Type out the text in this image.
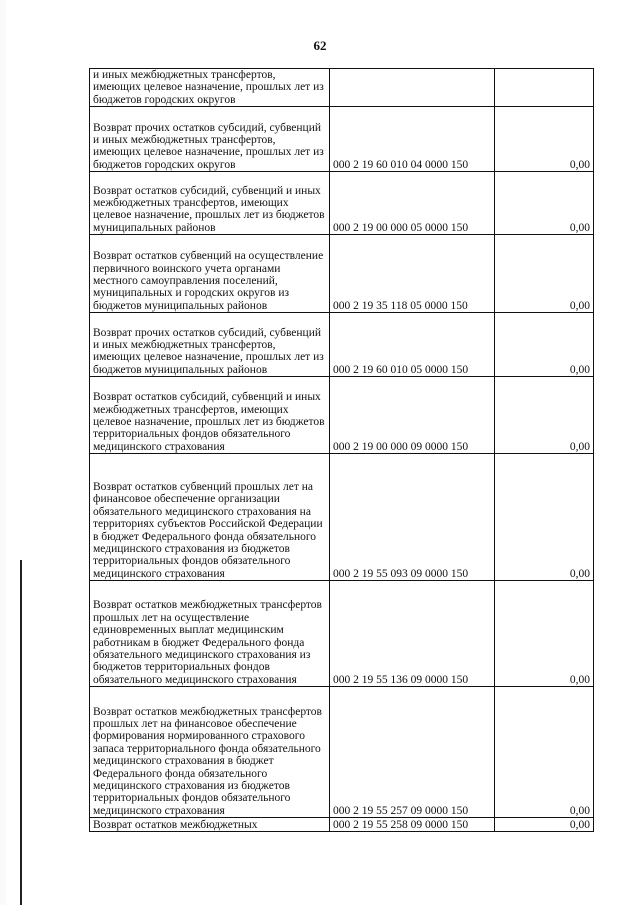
62
и иных межбюджетных трансфертов, имеющих целевое назначение, прошлых лет из бюджетов городских округов		
Возврат прочих остатков субсидий, субвенций и иных межбюджетных трансфертов, имеющих целевое назначение, прошлых лет из бюджетов городских округов	000 2 19 60 010 04 0000 150	0,00
Возврат остатков субсидий, субвенций и иных межбюджетных трансфертов, имеющих целевое назначение, прошлых лет из бюджетов муниципальных районов	000 2 19 00 000 05 0000 150	0,00
Возврат остатков субвенций на осуществление первичного воинского учета органами местного самоуправления поселений, муниципальных и городских округов из бюджетов муниципальных районов	000 2 19 35 118 05 0000 150	0,00
Возврат прочих остатков субсидий, субвенций и иных межбюджетных трансфертов, имеющих целевое назначение, прошлых лет из бюджетов муниципальных районов	000 2 19 60 010 05 0000 150	0,00
Возврат остатков субсидий, субвенций и иных межбюджетных трансфертов, имеющих целевое назначение, прошлых лет из бюджетов территориальных фондов обязательного медицинского страхования	000 2 19 00 000 09 0000 150	0,00
Возврат остатков субвенций прошлых лет на финансовое обеспечение организации обязательного медицинского страхования на территориях субъектов Российской Федерации в бюджет Федерального фонда обязательного медицинского страхования из бюджетов территориальных фондов обязательного медицинского страхования	000 2 19 55 093 09 0000 150	0,00
Возврат остатков межбюджетных трансфертов прошлых лет на осуществление единовременных выплат медицинским работникам в бюджет Федерального фонда обязательного медицинского страхования из бюджетов территориальных фондов обязательного медицинского страхования	000 2 19 55 136 09 0000 150	0,00
Возврат остатков межбюджетных трансфертов прошлых лет на финансовое обеспечение формирования нормированного страхового запаса территориального фонда обязательного медицинского страхования в бюджет Федерального фонда обязательного медицинского страхования из бюджетов территориальных фондов обязательного медицинского страхования	000 2 19 55 257 09 0000 150	0,00
Возврат остатков межбюджетных	000 2 19 55 258 09 0000 150	0,00
